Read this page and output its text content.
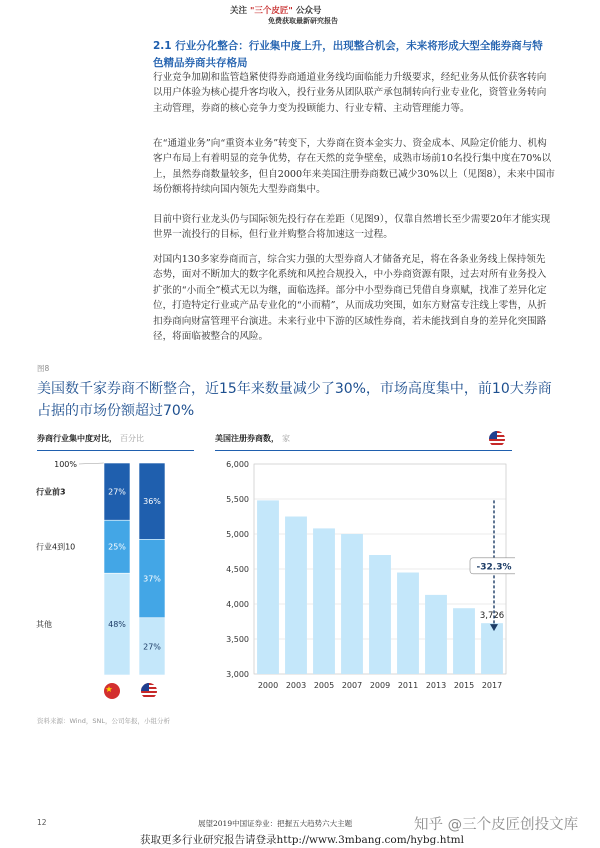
关注 "三个皮匠" 公众号
免费获取最新研究报告
2.1 行业分化整合：行业集中度上升，出现整合机会，未来将形成大型全能券商与特色精品券商共存格局
行业竞争加剧和监管趋紧使得券商通道业务线均面临能力升级要求，经纪业务从低价获客转向以用户体验为核心提升客均收入，投行业务从团队联产承包制转向行业专业化，资管业务转向主动管理，券商的核心竞争力变为投顾能力、行业专精、主动管理能力等。
在“通道业务”向“重资本业务”转变下，大券商在资本金实力、资金成本、风险定价能力、机构客户布局上有着明显的竞争优势，存在天然的竞争壁垒，成熟市场前10名投行集中度在70%以上，虽然券商数量较多，但自2000年来美国注册券商数已减少30%以上（见图8），未来中国市场份额将持续向国内领先大型券商集中。
目前中资行业龙头仍与国际领先投行存在差距（见图9），仅靠自然增长至少需要20年才能实现世界一流投行的目标，但行业并购整合将加速这一过程。
对国内130多家券商而言，综合实力强的大型券商人才储备充足，将在各条业务线上保持领先态势，面对不断加大的数字化系统和风控合规投入，中小券商资源有限，过去对所有业务投入扩张的“小而全”模式无以为继，面临选择。部分中小型券商已凭借自身禀赋，找准了差异化定位，打造特定行业或产品专业化的“小而精”，从而成功突围，如东方财富专注线上零售，从折扣券商向财富管理平台演进。未来行业中下游的区域性券商，若未能找到自身的差异化突围路径，将面临被整合的风险。
图8
美国数千家券商不断整合，近15年来数量减少了30%，市场高度集中，前10大券商占据的市场份额超过70%
券商行业集中度对比， 百分比	美国注册券商数， 家
100%
27%
25%
48%
36%
37%
27%
行业前3
行业4到10
其他
3,000
3,500
4,000
4,500
5,000
5,500
6,000
2000 2003 2005 2007 2009 2011 2013 2015 2017
3,726
-32.3%
资料来源：Wind，SNL，公司年报，小组分析
12	展望2019中国证券业：把握五大趋势六大主题	知乎 @三个皮匠创投文库
获取更多行业研究报告请登录http://www.3mbang.com/hybg.html
